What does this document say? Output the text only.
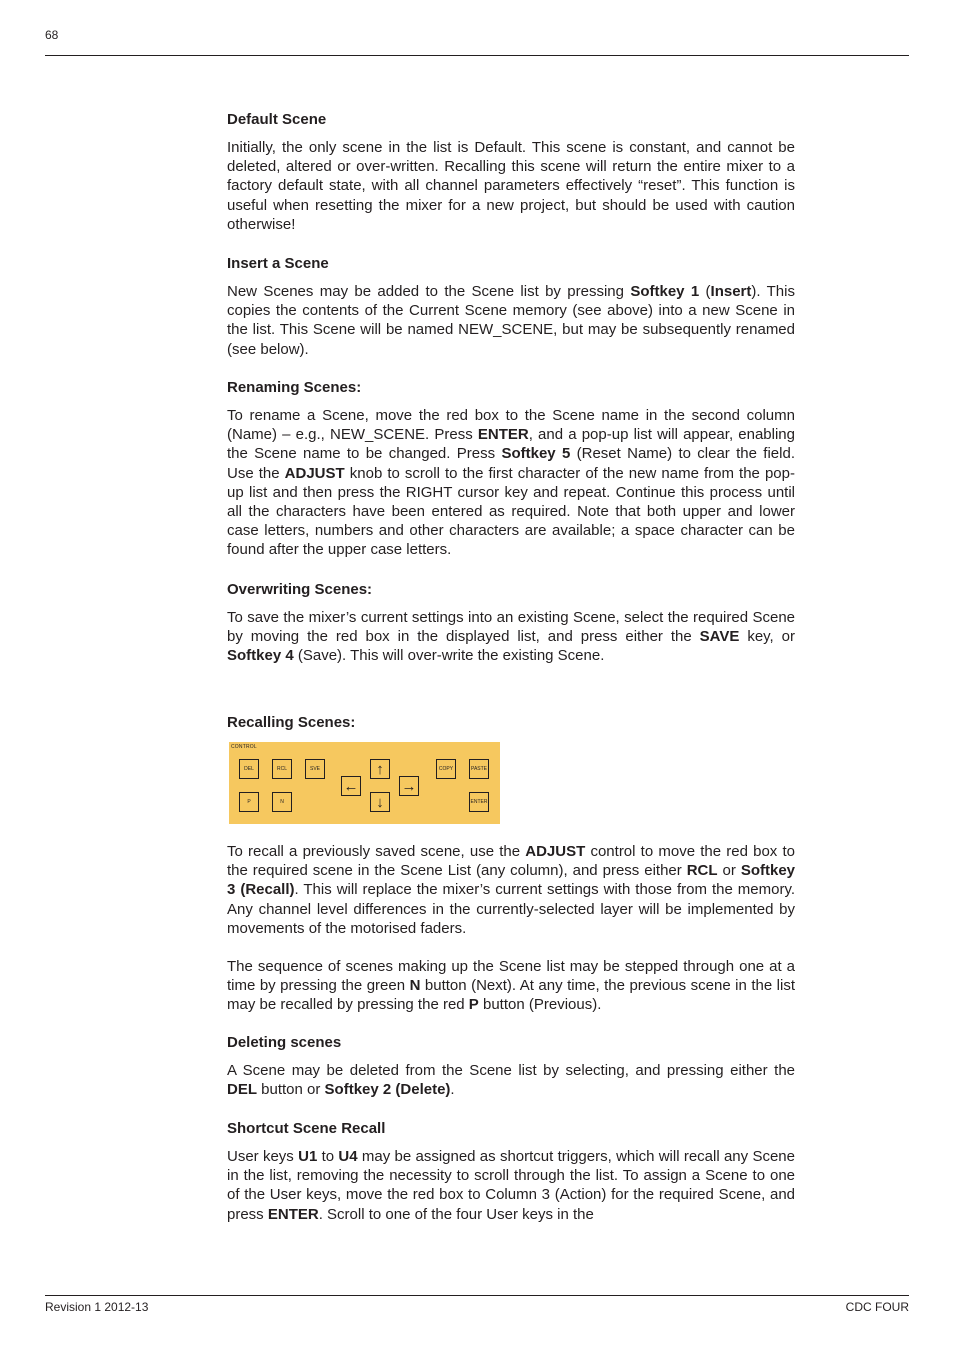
68
Default Scene

Initially, the only scene in the list is Default. This scene is constant, and cannot be deleted, altered or over-written. Recalling this scene will return the entire mixer to a factory default state, with all channel parameters effectively “reset”. This function is useful when resetting the mixer for a new project, but should be used with caution otherwise!

Insert a Scene

New Scenes may be added to the Scene list by pressing Softkey 1 (Insert). This copies the contents of the Current Scene memory (see above) into a new Scene in the list. This Scene will be named NEW_SCENE, but may be subsequently renamed (see below).

Renaming Scenes:

To rename a Scene, move the red box to the Scene name in the second column (Name) – e.g., NEW_SCENE. Press ENTER, and a pop-up list will appear, enabling the Scene name to be changed. Press Softkey 5 (Reset Name) to clear the field. Use the ADJUST knob to scroll to the first character of the new name from the pop-up list and then press the RIGHT cursor key and repeat. Continue this process until all the characters have been entered as required. Note that both upper and lower case letters, numbers and other characters are available; a space character can be found after the upper case letters.

Overwriting Scenes:

To save the mixer’s current settings into an existing Scene, select the required Scene by moving the red box in the displayed list, and press either the SAVE key, or Softkey 4 (Save). This will over-write the existing Scene.

Recalling Scenes:
CONTROL
DEL	RCL	SVE	↑
←	→
↓
COPY	PASTE
P	N	ENTER

To recall a previously saved scene, use the ADJUST control to move the red box to the required scene in the Scene List (any column), and press either RCL or Softkey 3 (Recall). This will replace the mixer’s current settings with those from the memory. Any channel level differences in the currently-selected layer will be implemented by movements of the motorised faders.

The sequence of scenes making up the Scene list may be stepped through one at a time by pressing the green N button (Next). At any time, the previous scene in the list may be recalled by pressing the red P button (Previous).

Deleting scenes

A Scene may be deleted from the Scene list by selecting, and pressing either the DEL button or Softkey 2 (Delete).

Shortcut Scene Recall

User keys U1 to U4 may be assigned as shortcut triggers, which will recall any Scene in the list, removing the necessity to scroll through the list. To assign a Scene to one of the User keys, move the red box to Column 3 (Action) for the required Scene, and press ENTER. Scroll to one of the four User keys in the

Revision 1 2012-13	CDC FOUR
